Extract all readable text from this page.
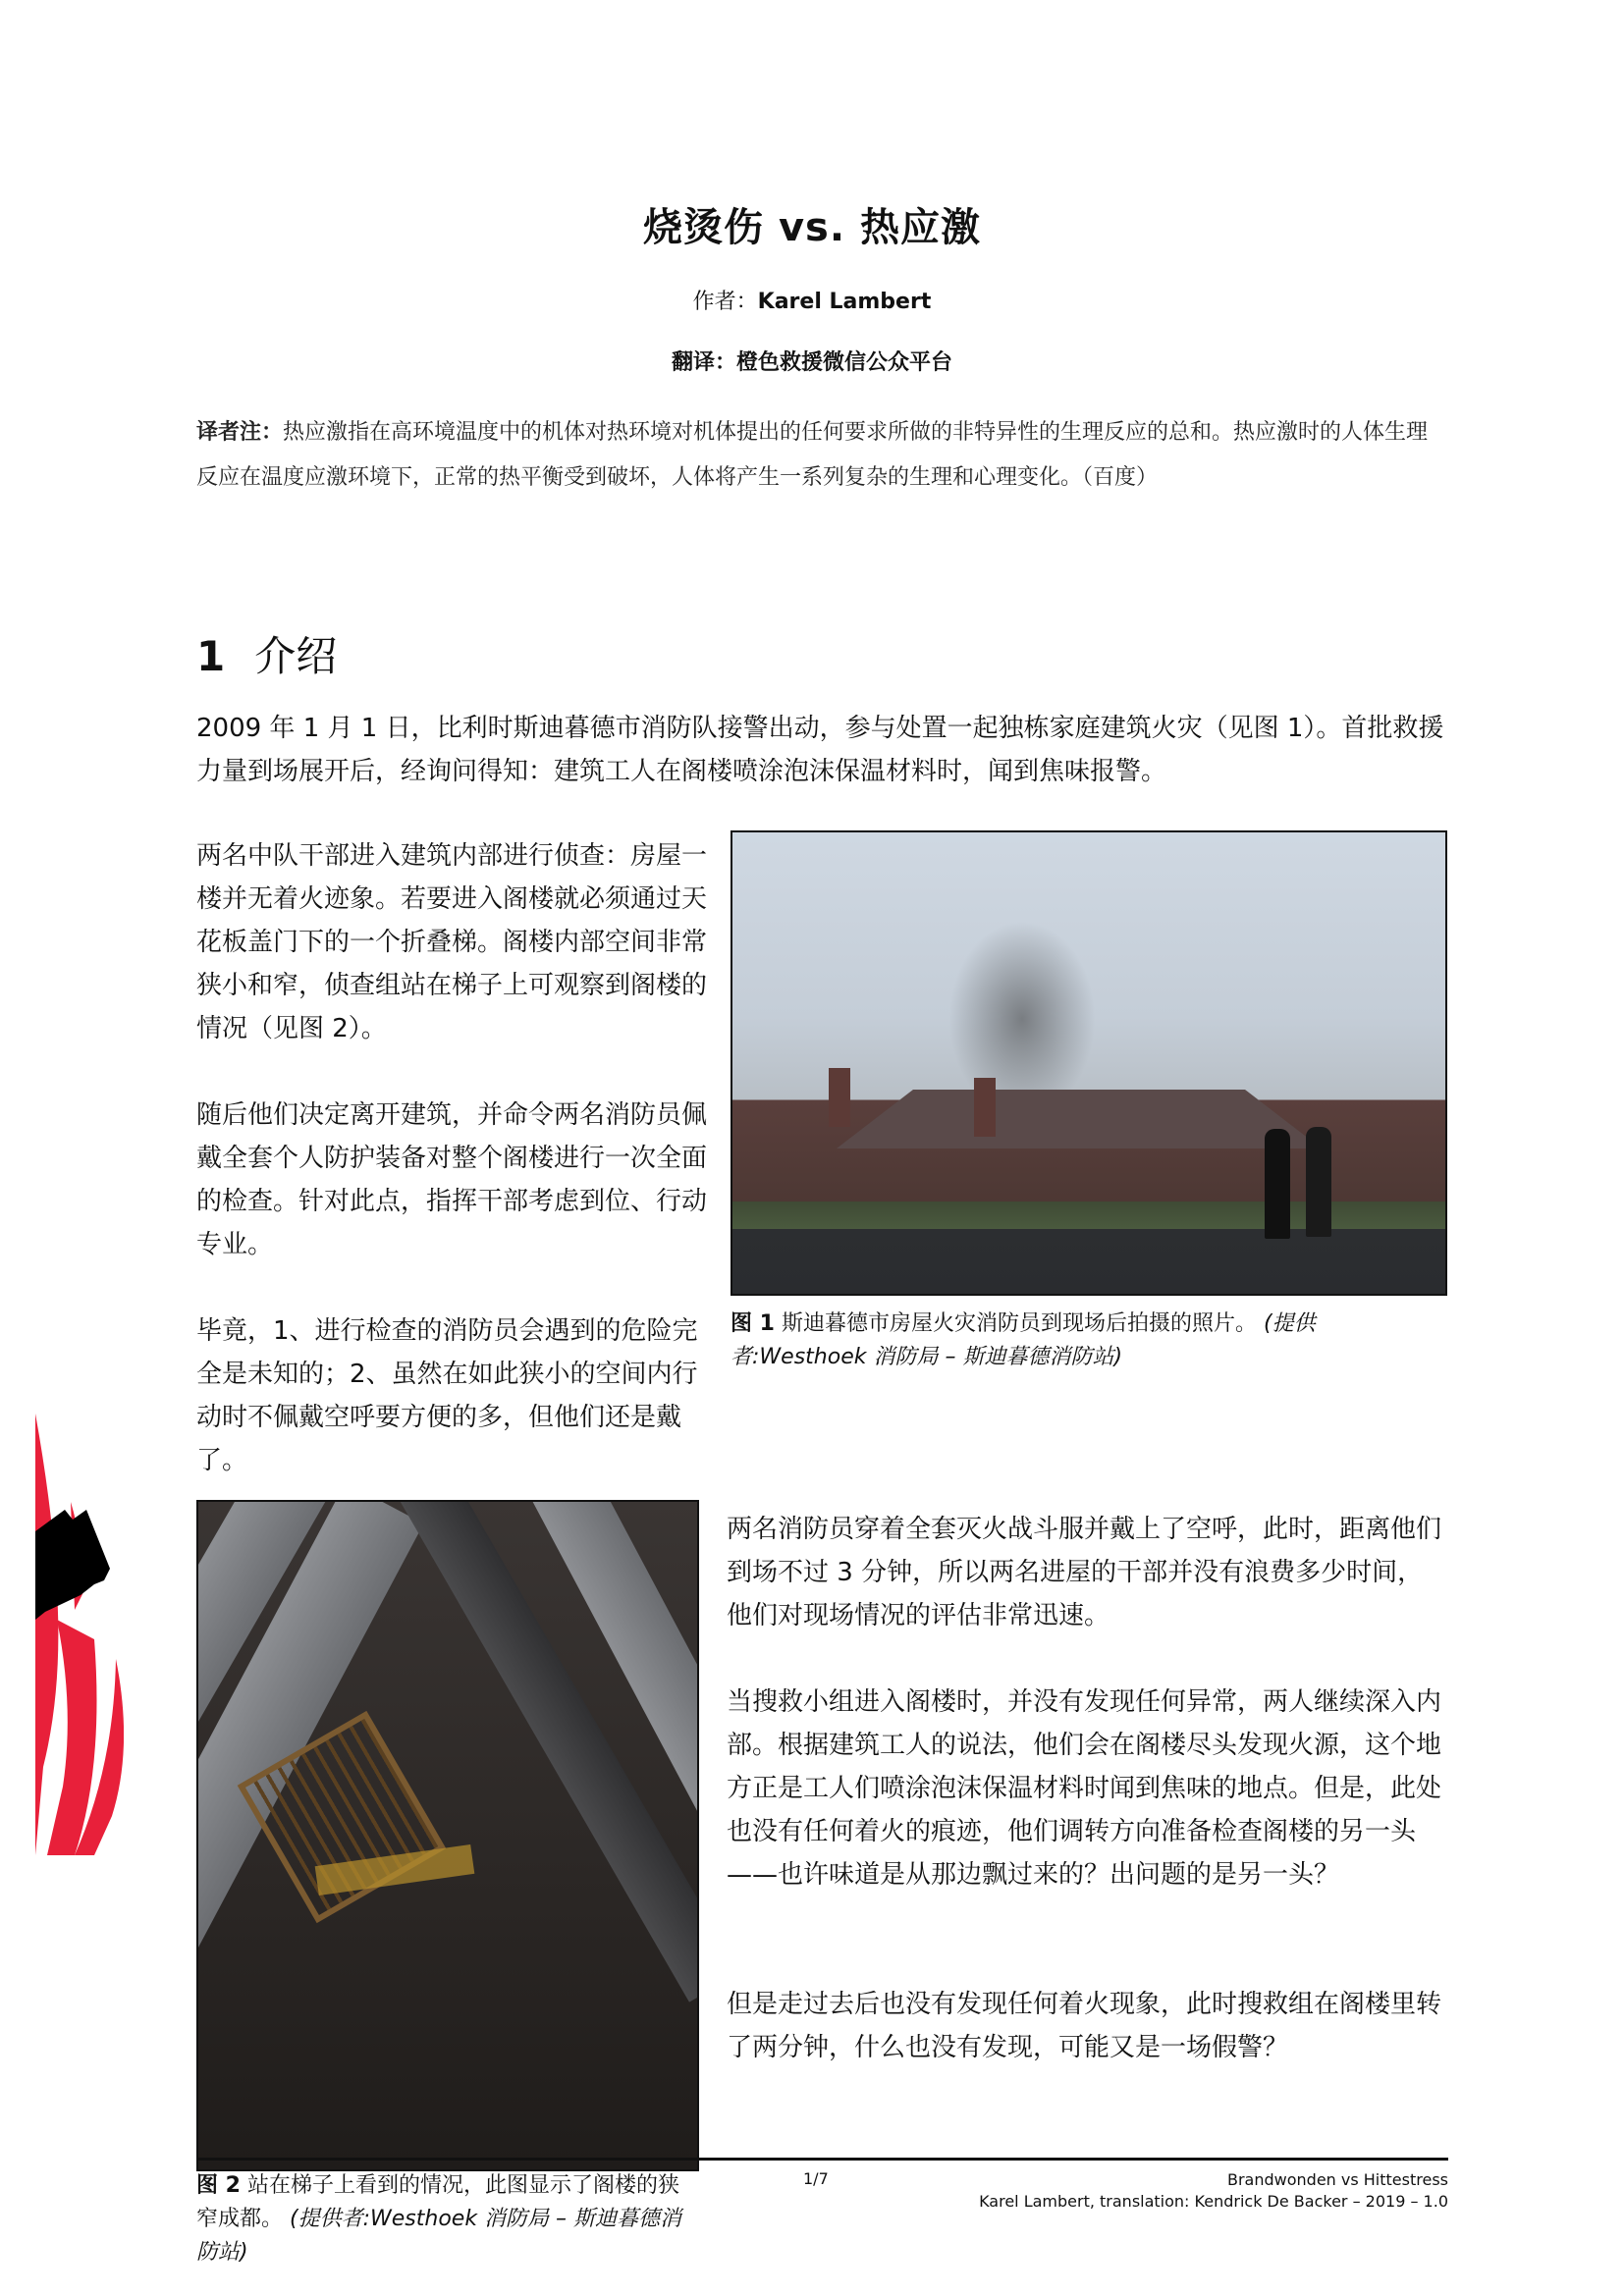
烧烫伤 vs. 热应激
作者：Karel Lambert
翻译：橙色救援微信公众平台
译者注：热应激指在高环境温度中的机体对热环境对机体提出的任何要求所做的非特异性的生理反应的总和。热应激时的人体生理反应在温度应激环境下，正常的热平衡受到破坏，人体将产生一系列复杂的生理和心理变化。（百度）
1 介绍
2009 年 1 月 1 日，比利时斯迪暮德市消防队接警出动，参与处置一起独栋家庭建筑火灾（见图 1）。首批救援力量到场展开后，经询问得知：建筑工人在阁楼喷涂泡沫保温材料时，闻到焦味报警。
两名中队干部进入建筑内部进行侦查：房屋一楼并无着火迹象。若要进入阁楼就必须通过天花板盖门下的一个折叠梯。阁楼内部空间非常狭小和窄，侦查组站在梯子上可观察到阁楼的情况（见图 2）。
随后他们决定离开建筑，并命令两名消防员佩戴全套个人防护装备对整个阁楼进行一次全面的检查。针对此点，指挥干部考虑到位、行动专业。
毕竟，1、进行检查的消防员会遇到的危险完全是未知的；2、虽然在如此狭小的空间内行动时不佩戴空呼要方便的多，但他们还是戴了。
图 1 斯迪暮德市房屋火灾消防员到现场后拍摄的照片。 (提供者:Westhoek 消防局 – 斯迪暮德消防站)
图 2 站在梯子上看到的情况，此图显示了阁楼的狭窄成都。 (提供者:Westhoek 消防局 – 斯迪暮德消防站)
两名消防员穿着全套灭火战斗服并戴上了空呼，此时，距离他们到场不过 3 分钟，所以两名进屋的干部并没有浪费多少时间，他们对现场情况的评估非常迅速。
当搜救小组进入阁楼时，并没有发现任何异常，两人继续深入内部。根据建筑工人的说法，他们会在阁楼尽头发现火源，这个地方正是工人们喷涂泡沫保温材料时闻到焦味的地点。但是，此处也没有任何着火的痕迹，他们调转方向准备检查阁楼的另一头——也许味道是从那边飘过来的？出问题的是另一头？
但是走过去后也没有发现任何着火现象，此时搜救组在阁楼里转了两分钟，什么也没有发现，可能又是一场假警？
1/7	Brandwonden vs Hittestress
Karel Lambert, translation: Kendrick De Backer – 2019 – 1.0
